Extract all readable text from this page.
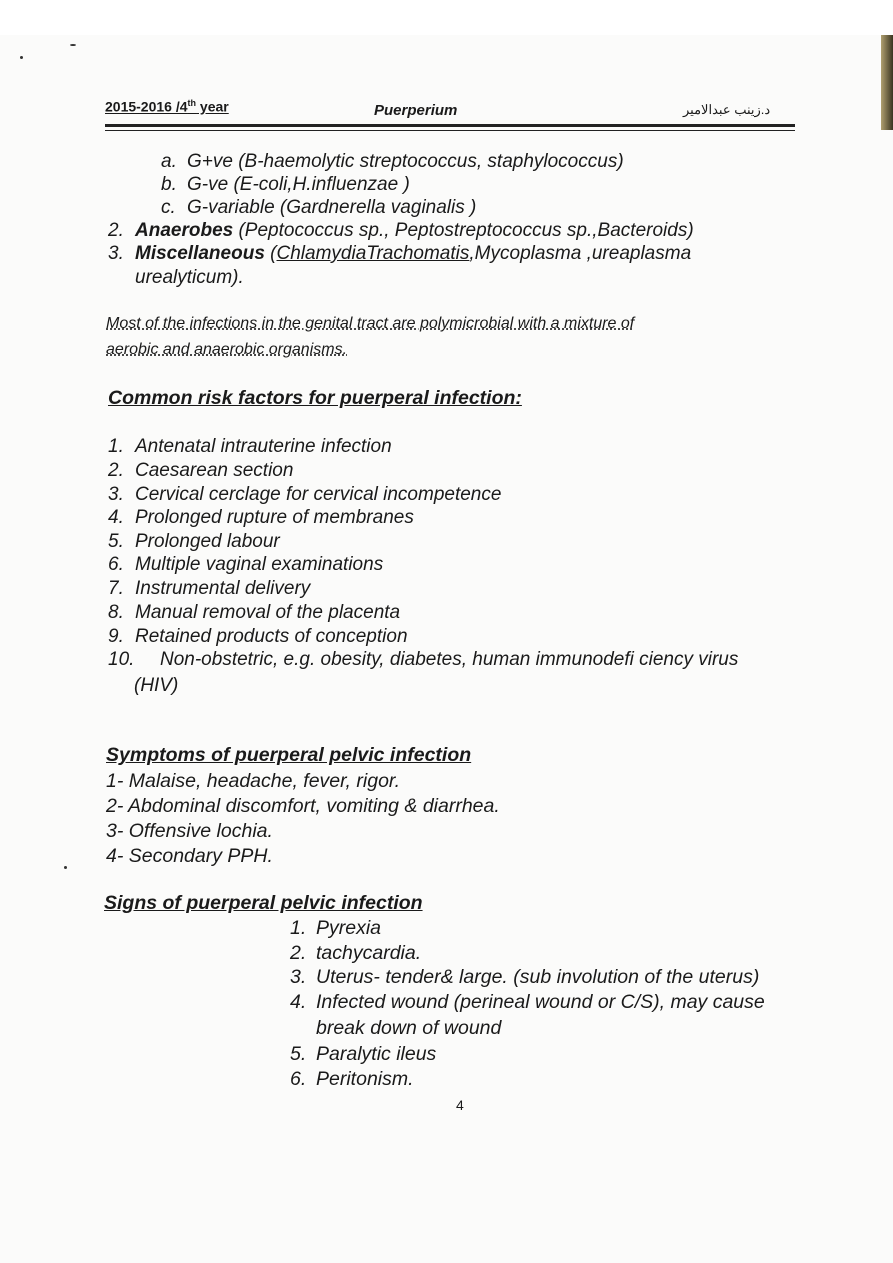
2015-2016 /4th year	Puerperium	د.زينب عبدالامير
a. G+ve (B-haemolytic streptococcus, staphylococcus)
b. G-ve (E-coli,H.influenzae )
c. G-variable (Gardnerella vaginalis )
2. Anaerobes (Peptococcus sp., Peptostreptococcus sp.,Bacteroids)
3. Miscellaneous (ChlamydiaTrachomatis,Mycoplasma ,ureaplasma
urealyticum).
Most of the infections in the genital tract are polymicrobial with a mixture of
aerobic and anaerobic organisms.
Common risk factors for puerperal infection:
1. Antenatal intrauterine infection
2. Caesarean section
3. Cervical cerclage for cervical incompetence
4. Prolonged rupture of membranes
5. Prolonged labour
6. Multiple vaginal examinations
7. Instrumental delivery
8. Manual removal of the placenta
9. Retained products of conception
10. Non-obstetric, e.g. obesity, diabetes, human immunodefi ciency virus
(HIV)
Symptoms of puerperal pelvic infection
1- Malaise, headache, fever, rigor.
2- Abdominal discomfort, vomiting & diarrhea.
3- Offensive lochia.
4- Secondary PPH.
Signs of puerperal pelvic infection
1. Pyrexia
2. tachycardia.
3. Uterus- tender& large. (sub involution of the uterus)
4. Infected wound (perineal wound or C/S), may cause
break down of wound
5. Paralytic ileus
6. Peritonism.
4
